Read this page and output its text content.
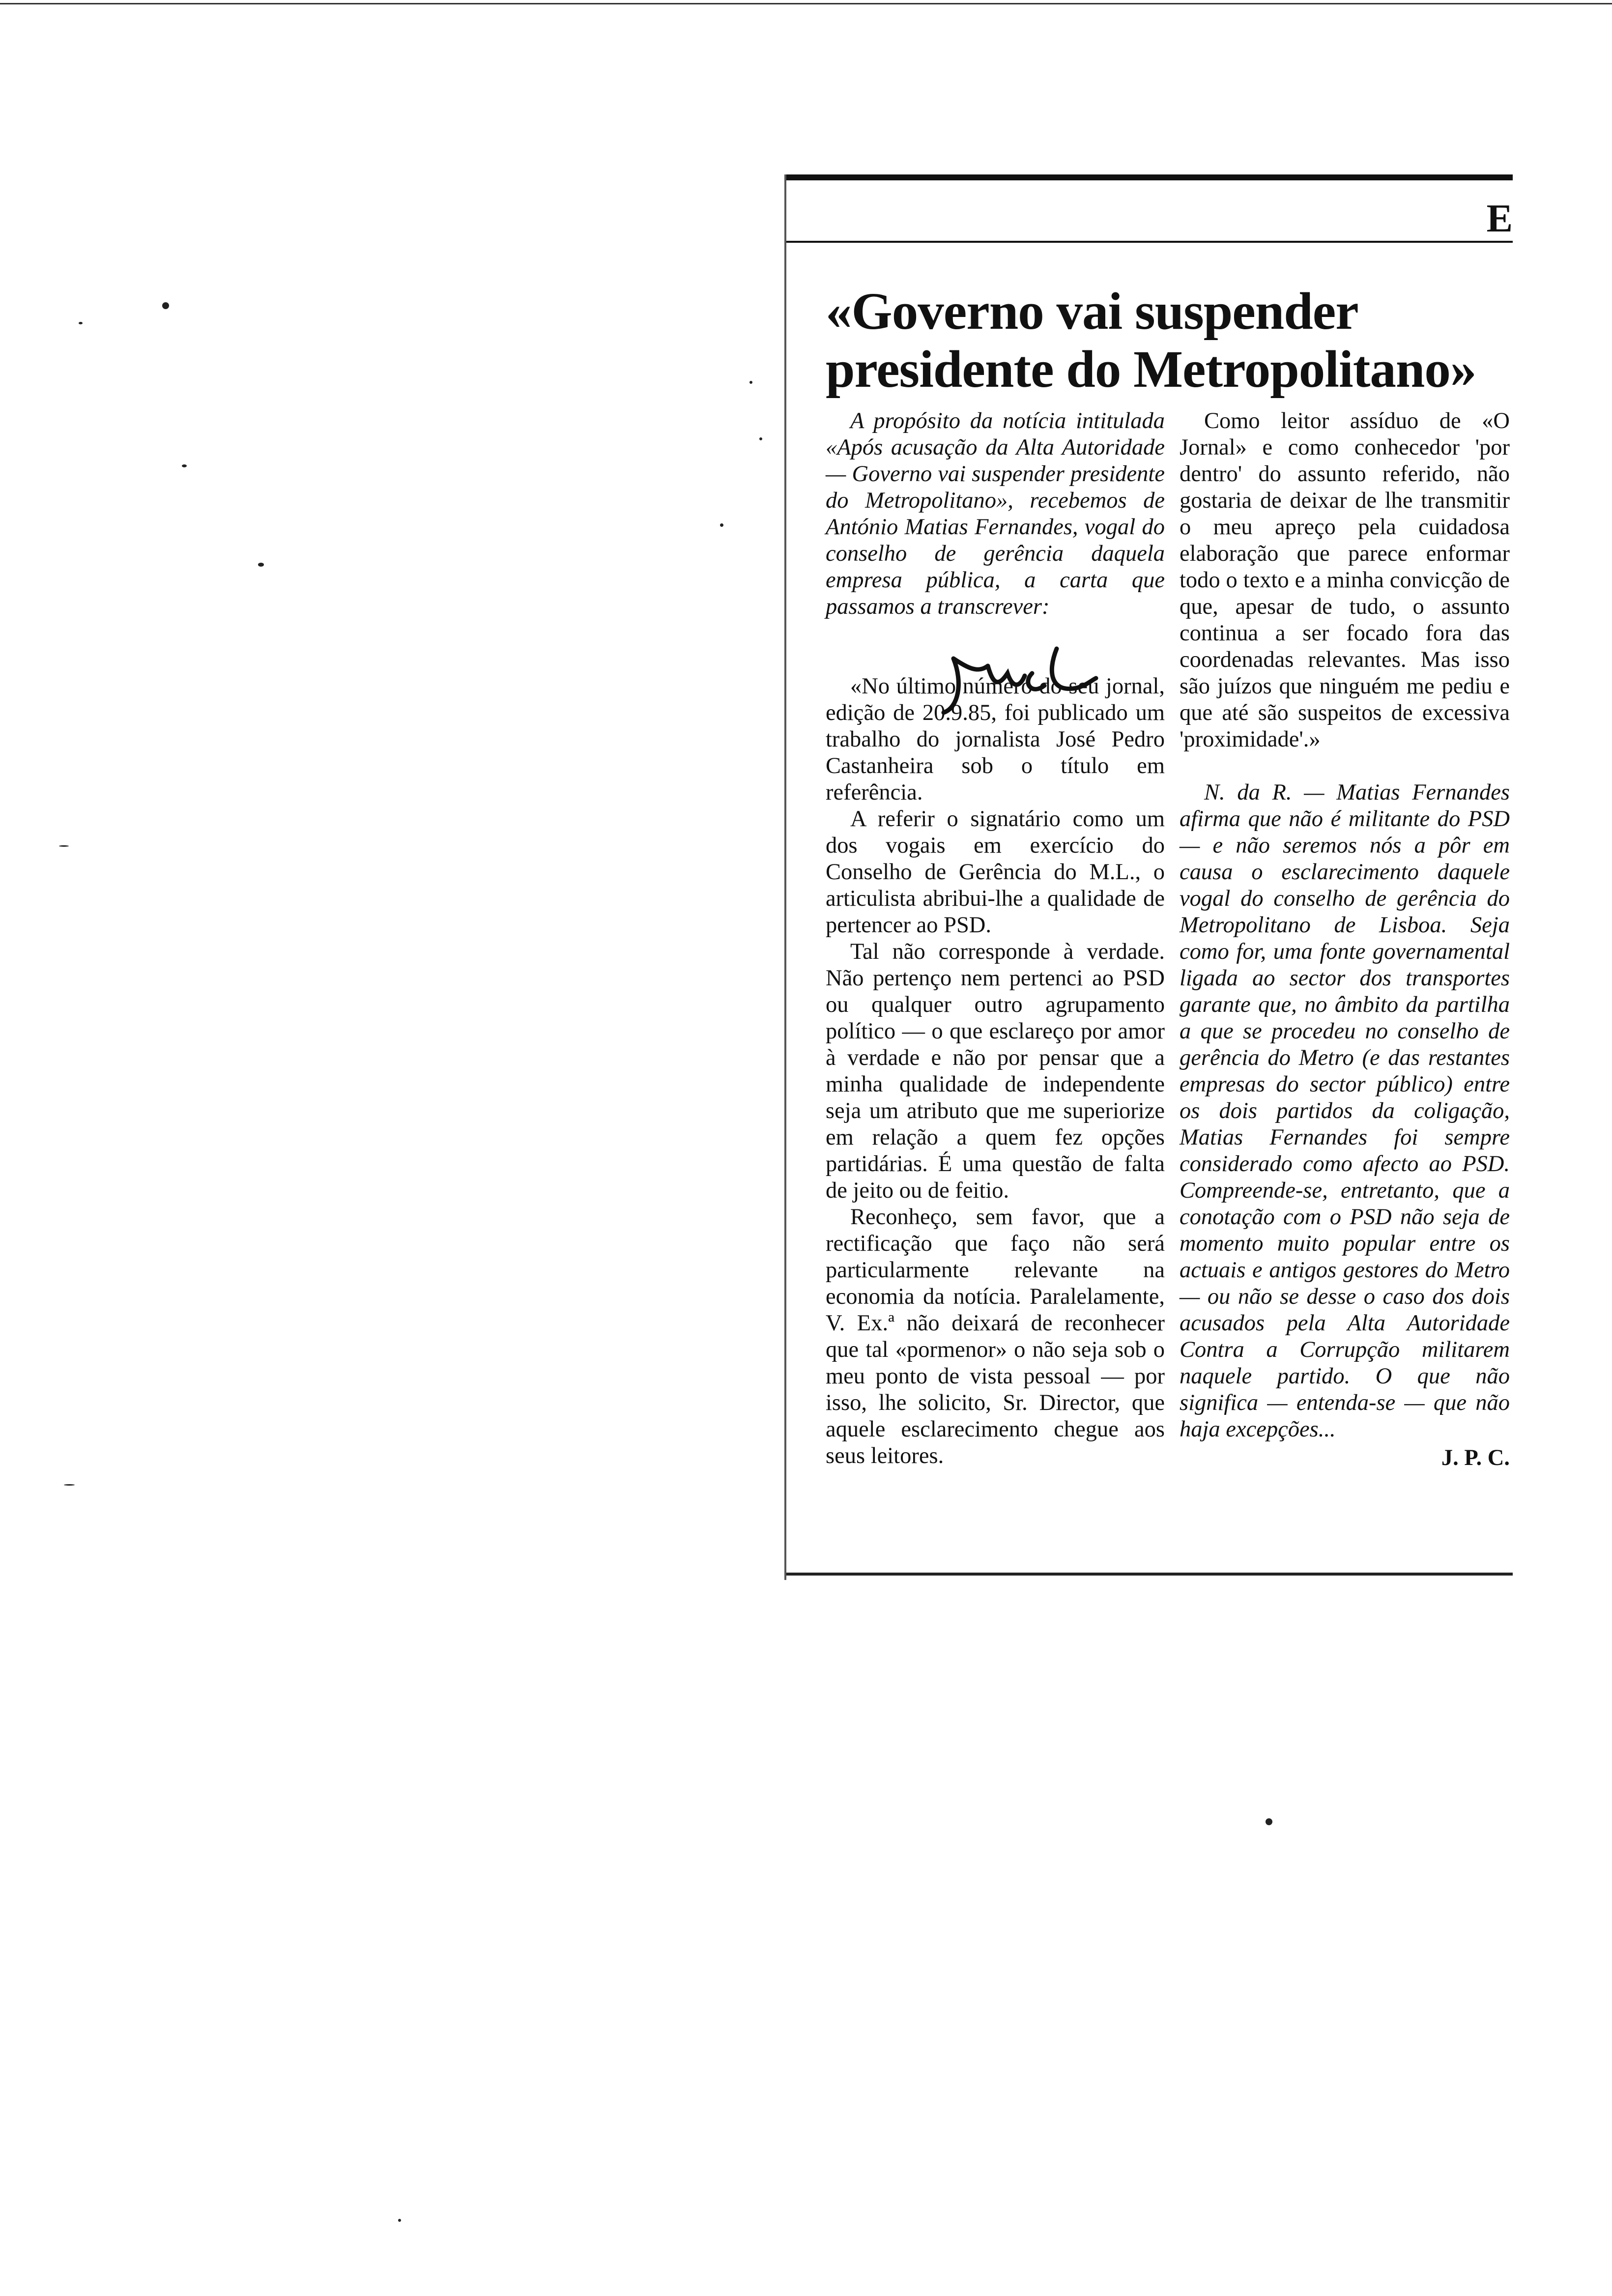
E
«Governo vai suspender
presidente do Metropolitano»

A propósito da notícia intitulada «Após acusação da Alta Autoridade — Governo vai suspender presidente do Metropolitano», recebemos de António Matias Fernandes, vogal do conselho de gerência daquela empresa pública, a carta que passamos a transcrever:

«No último número do seu jornal, edição de 20.9.85, foi publicado um trabalho do jornalista José Pedro Castanheira sob o título em referência.

A referir o signatário como um dos vogais em exercício do Conselho de Gerência do M.L., o articulista abribui-lhe a qualidade de pertencer ao PSD.

Tal não corresponde à verdade. Não pertenço nem pertenci ao PSD ou qualquer outro agrupamento político — o que esclareço por amor à verdade e não por pensar que a minha qualidade de independente seja um atributo que me superiorize em relação a quem fez opções partidárias. É uma questão de falta de jeito ou de feitio.

Reconheço, sem favor, que a rectificação que faço não será particularmente relevante na economia da notícia. Paralelamente, V. Ex.ª não deixará de reconhecer que tal «pormenor» o não seja sob o meu ponto de vista pessoal — por isso, lhe solicito, Sr. Director, que aquele esclarecimento chegue aos seus leitores.

Como leitor assíduo de «O Jornal» e como conhecedor 'por dentro' do assunto referido, não gostaria de deixar de lhe transmitir o meu apreço pela cuidadosa elaboração que parece enformar todo o texto e a minha convicção de que, apesar de tudo, o assunto continua a ser focado fora das coordenadas relevantes. Mas isso são juízos que ninguém me pediu e que até são suspeitos de excessiva 'proximidade'.»

N. da R. — Matias Fernandes afirma que não é militante do PSD — e não seremos nós a pôr em causa o esclarecimento daquele vogal do conselho de gerência do Metropolitano de Lisboa. Seja como for, uma fonte governamental ligada ao sector dos transportes garante que, no âmbito da partilha a que se procedeu no conselho de gerência do Metro (e das restantes empresas do sector público) entre os dois partidos da coligação, Matias Fernandes foi sempre considerado como afecto ao PSD. Compreende-se, entretanto, que a conotação com o PSD não seja de momento muito popular entre os actuais e antigos gestores do Metro — ou não se desse o caso dos dois acusados pela Alta Autoridade Contra a Corrupção militarem naquele partido. O que não significa — entenda-se — que não haja excepções...

J. P. C.
